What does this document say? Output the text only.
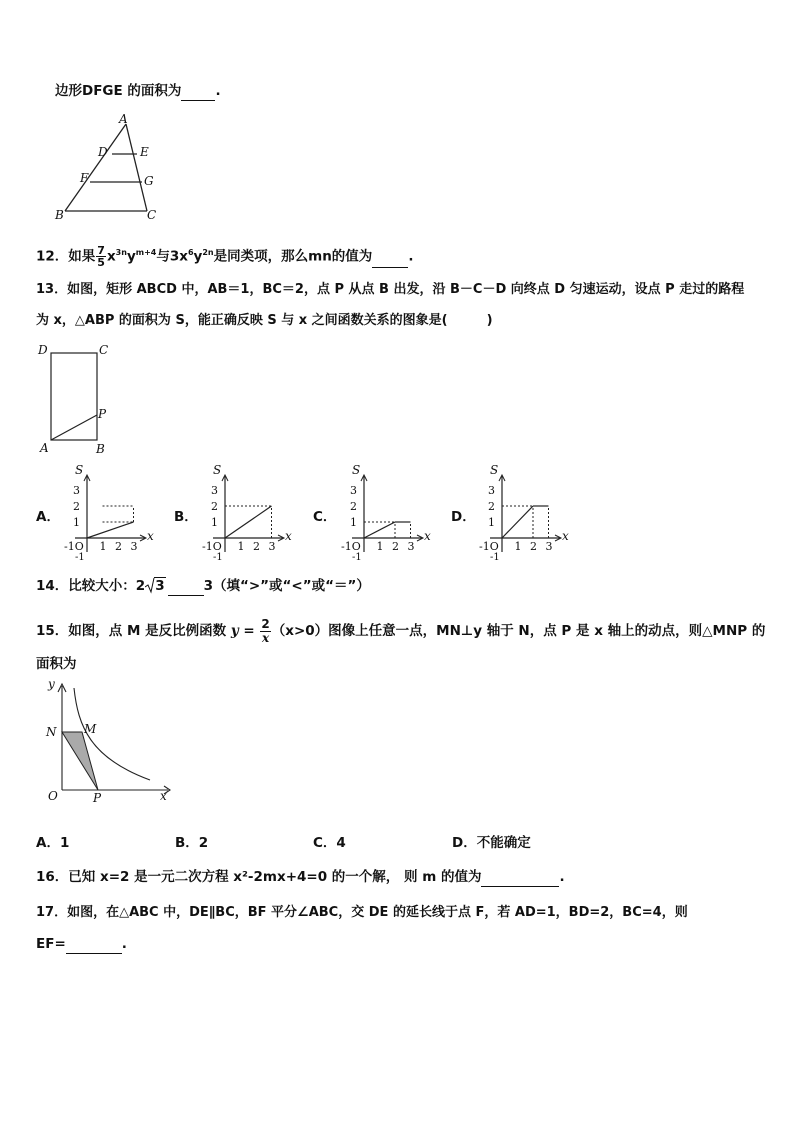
边形DFGE 的面积为	.
A
D	E
F	G
B	C
12．如果 $\frac{7}{5} x^{3n}y^{m+4}$与$3x^6y^{2n}$是同类项，那么mn的值为	.
13．如图，矩形 ABCD 中，AB＝1，BC＝2，点 P 从点 B 出发，沿 B－C－D 向终点 D 匀速运动，设点 P 走过的路程
为 x，△ABP 的面积为 S，能正确反映 S 与 x 之间函数关系的图象是(　　　)
D	C
P
A	B
A．
3
2
1
-1
1 2 3
-1O
S
x
B．
3
2
1
-1
1 2 3
-1O
S
x
C．
3
2
1
-1
1 2 3
-1O
S
x
D．
3
2
1
-1
1 2 3
-1O
S
x
14．比较大小：2 3	3（填“>”或“<”或“＝”）
15．如图，点 M 是反比例函数 $y = \frac{2}{x} (x>0)$图像上任意一点，MN⊥y 轴于 N，点 P 是 x 轴上的动点，则△MNP 的
面积为
y
x
N M
O	P
A．1	B．2	C．4	D．不能确定
16．已知 x=2 是一元二次方程 x²-2mx+4=0 的一个解， 则 m 的值为	.
17．如图，在△ABC 中，DE∥BC，BF 平分∠ABC，交 DE 的延长线于点 F，若 AD=1，BD=2，BC=4，则
EF=	.
